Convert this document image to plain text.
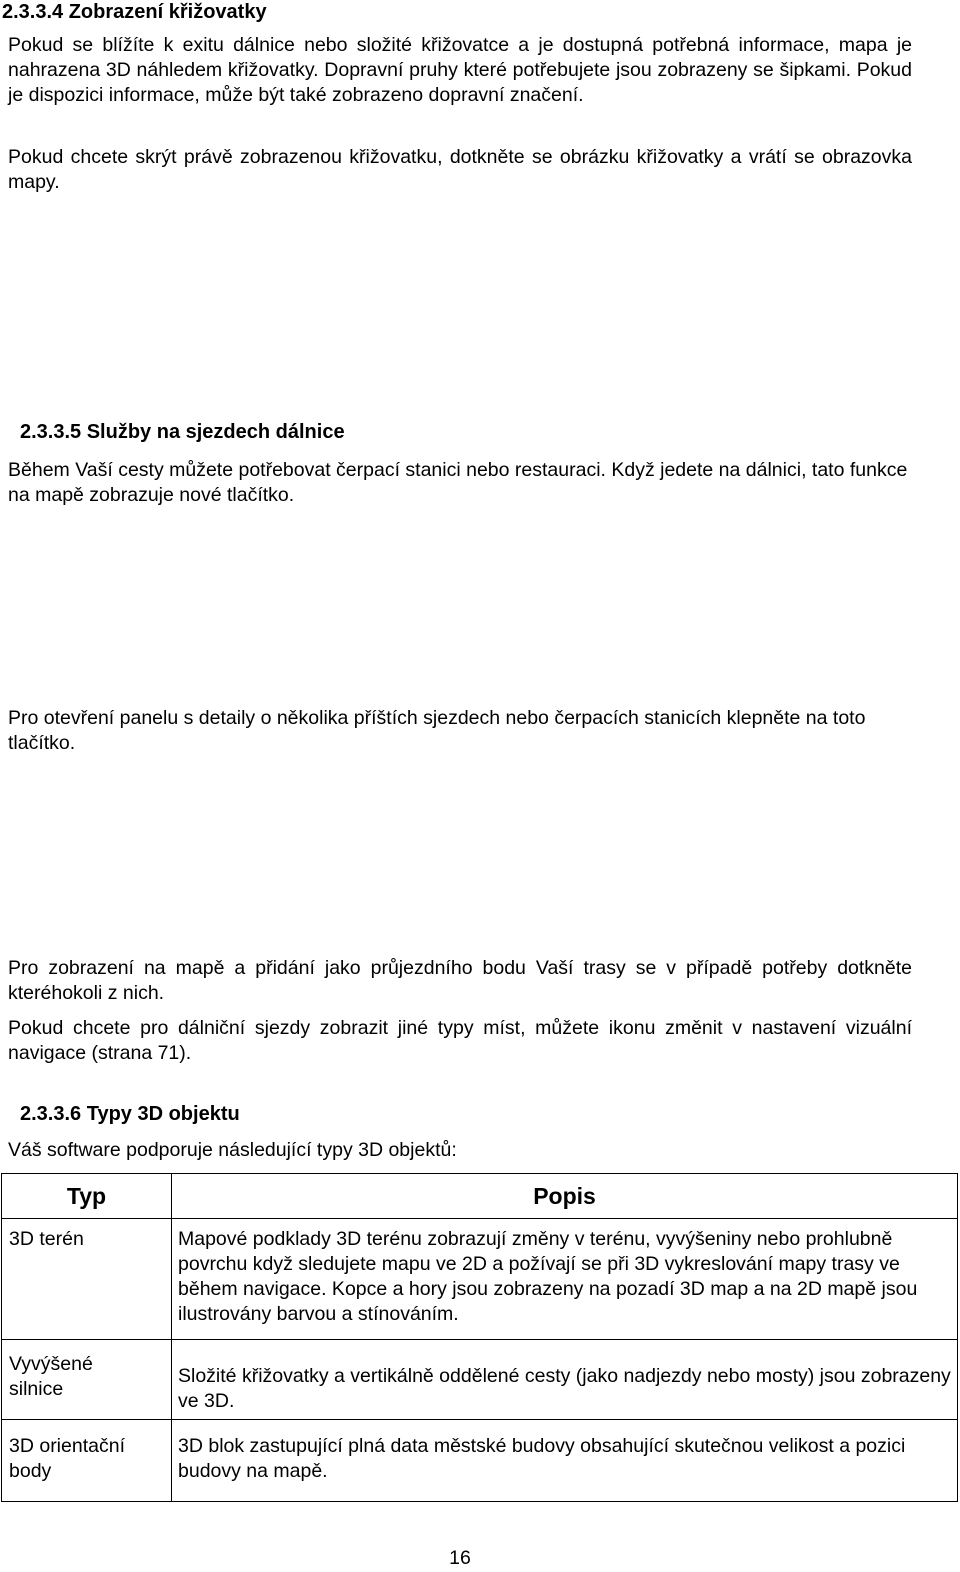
2.3.3.4 Zobrazení křižovatky

Pokud se blížíte k exitu dálnice nebo složité křižovatce a je dostupná potřebná informace, mapa je nahrazena 3D náhledem křižovatky. Dopravní pruhy které potřebujete jsou zobrazeny se šipkami. Pokud je dispozici informace, může být také zobrazeno dopravní značení.

Pokud chcete skrýt právě zobrazenou křižovatku, dotkněte se obrázku křižovatky a vrátí se obrazovka mapy.

2.3.3.5 Služby na sjezdech dálnice

Během Vaší cesty můžete potřebovat čerpací stanici nebo restauraci. Když jedete na dálnici, tato funkce na mapě zobrazuje nové tlačítko.

Pro otevření panelu s detaily o několika příštích sjezdech nebo čerpacích stanicích klepněte na toto tlačítko.

Pro zobrazení na mapě a přidání jako průjezdního bodu Vaší trasy se v případě potřeby dotkněte kteréhokoli z nich.

Pokud chcete pro dálniční sjezdy zobrazit jiné typy míst, můžete ikonu změnit v nastavení vizuální navigace (strana 71).

2.3.3.6 Typy 3D objektu

Váš software podporuje následující typy 3D objektů:

Typ	Popis
3D terén	Mapové podklady 3D terénu zobrazují změny v terénu, vyvýšeniny nebo prohlubně povrchu když sledujete mapu ve 2D a požívají se při 3D vykreslování mapy trasy ve během navigace. Kopce a hory jsou zobrazeny na pozadí 3D map a na 2D mapě jsou ilustrovány barvou a stínováním.
Vyvýšené silnice	Složité křižovatky a vertikálně oddělené cesty (jako nadjezdy nebo mosty) jsou zobrazeny ve 3D.
3D orientační body	3D blok zastupující plná data městské budovy obsahující skutečnou velikost a pozici budovy na mapě.
16
